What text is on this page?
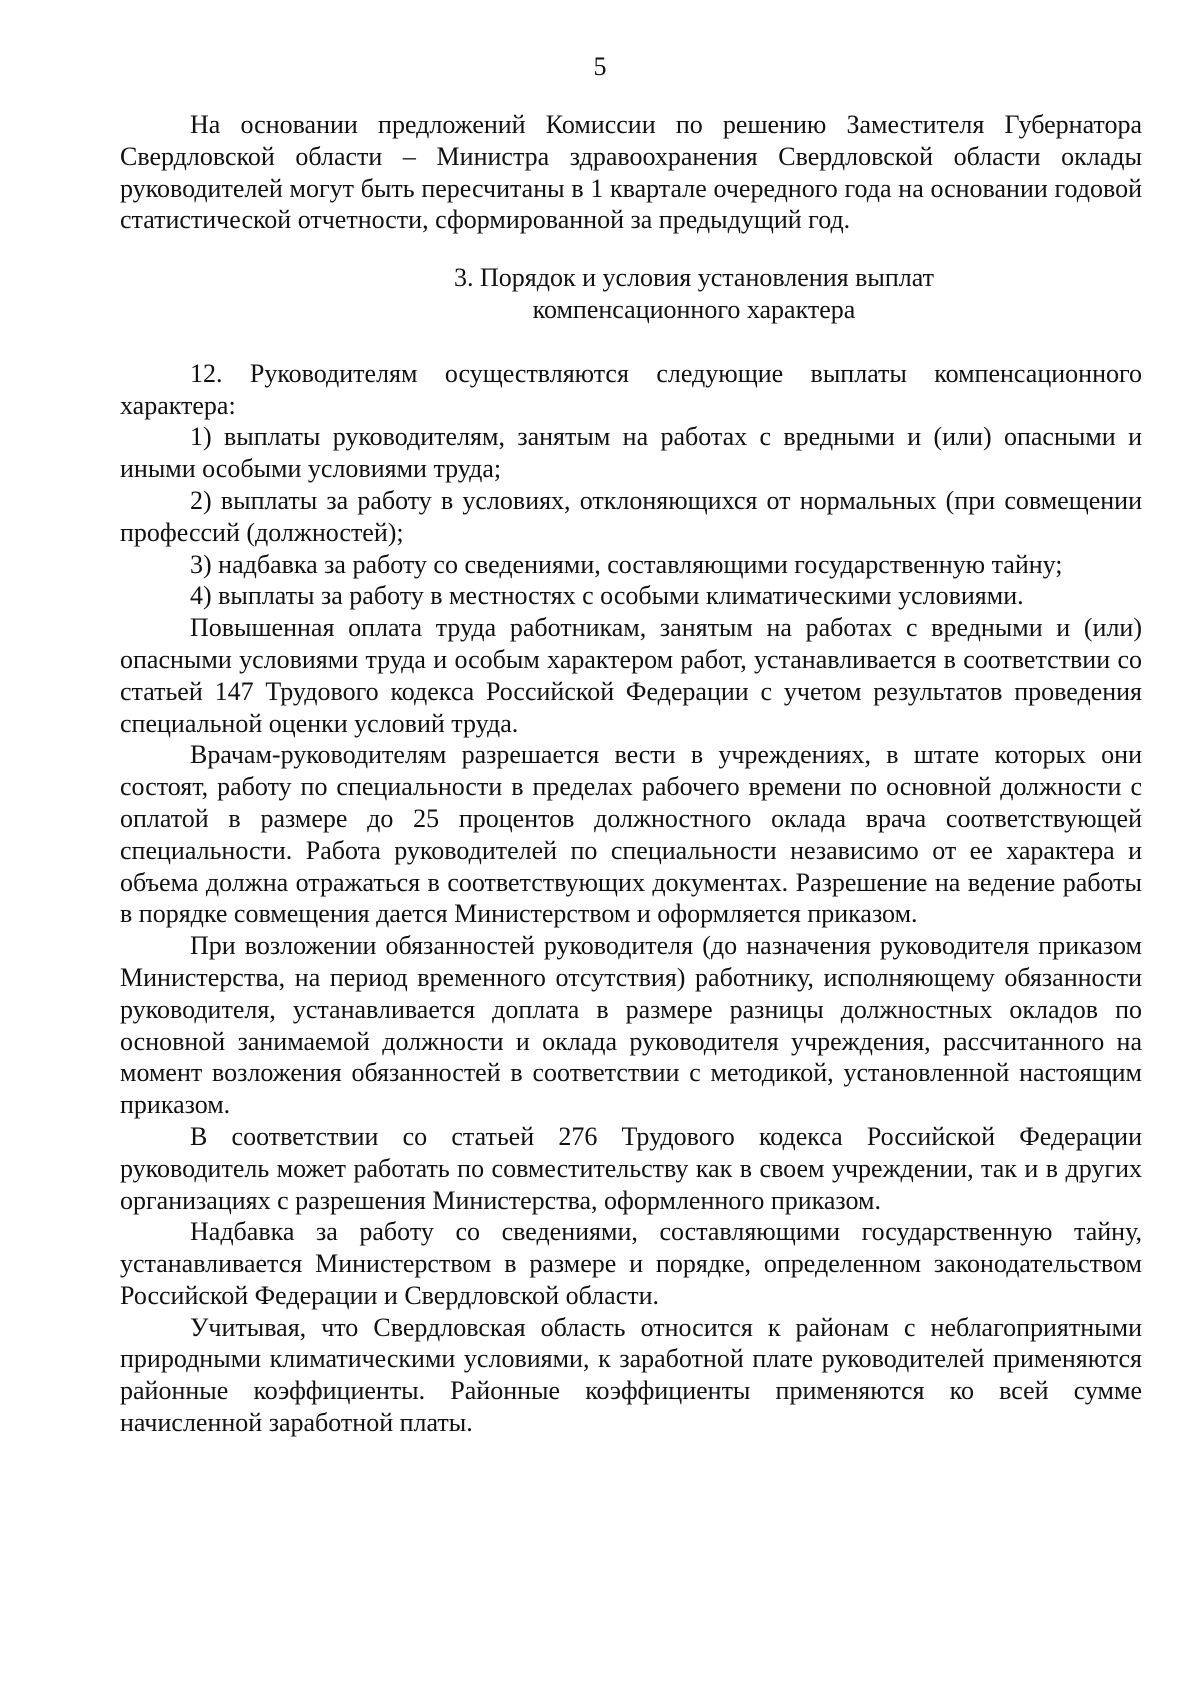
5

На основании предложений Комиссии по решению Заместителя Губернатора Свердловской области – Министра здравоохранения Свердловской области оклады руководителей могут быть пересчитаны в 1 квартале очередного года на основании годовой статистической отчетности, сформированной за предыдущий год.

3. Порядок и условия установления выплат
компенсационного характера

12. Руководителям осуществляются следующие выплаты компенсационного характера:

1) выплаты руководителям, занятым на работах с вредными и (или) опасными и иными особыми условиями труда;

2) выплаты за работу в условиях, отклоняющихся от нормальных (при совмещении профессий (должностей);

3) надбавка за работу со сведениями, составляющими государственную тайну;

4) выплаты за работу в местностях с особыми климатическими условиями.

Повышенная оплата труда работникам, занятым на работах с вредными и (или) опасными условиями труда и особым характером работ, устанавливается в соответствии со статьей 147 Трудового кодекса Российской Федерации с учетом результатов проведения специальной оценки условий труда.

Врачам-руководителям разрешается вести в учреждениях, в штате которых они состоят, работу по специальности в пределах рабочего времени по основной должности с оплатой в размере до 25 процентов должностного оклада врача соответствующей специальности. Работа руководителей по специальности независимо от ее характера и объема должна отражаться в соответствующих документах. Разрешение на ведение работы в порядке совмещения дается Министерством и оформляется приказом.

При возложении обязанностей руководителя (до назначения руководителя приказом Министерства, на период временного отсутствия) работнику, исполняющему обязанности руководителя, устанавливается доплата в размере разницы должностных окладов по основной занимаемой должности и оклада руководителя учреждения, рассчитанного на момент возложения обязанностей в соответствии с методикой, установленной настоящим приказом.

В соответствии со статьей 276 Трудового кодекса Российской Федерации руководитель может работать по совместительству как в своем учреждении, так и в других организациях с разрешения Министерства, оформленного приказом.

Надбавка за работу со сведениями, составляющими государственную тайну, устанавливается Министерством в размере и порядке, определенном законодательством Российской Федерации и Свердловской области.

Учитывая, что Свердловская область относится к районам с неблагоприятными природными климатическими условиями, к заработной плате руководителей применяются районные коэффициенты. Районные коэффициенты применяются ко всей сумме начисленной заработной платы.
